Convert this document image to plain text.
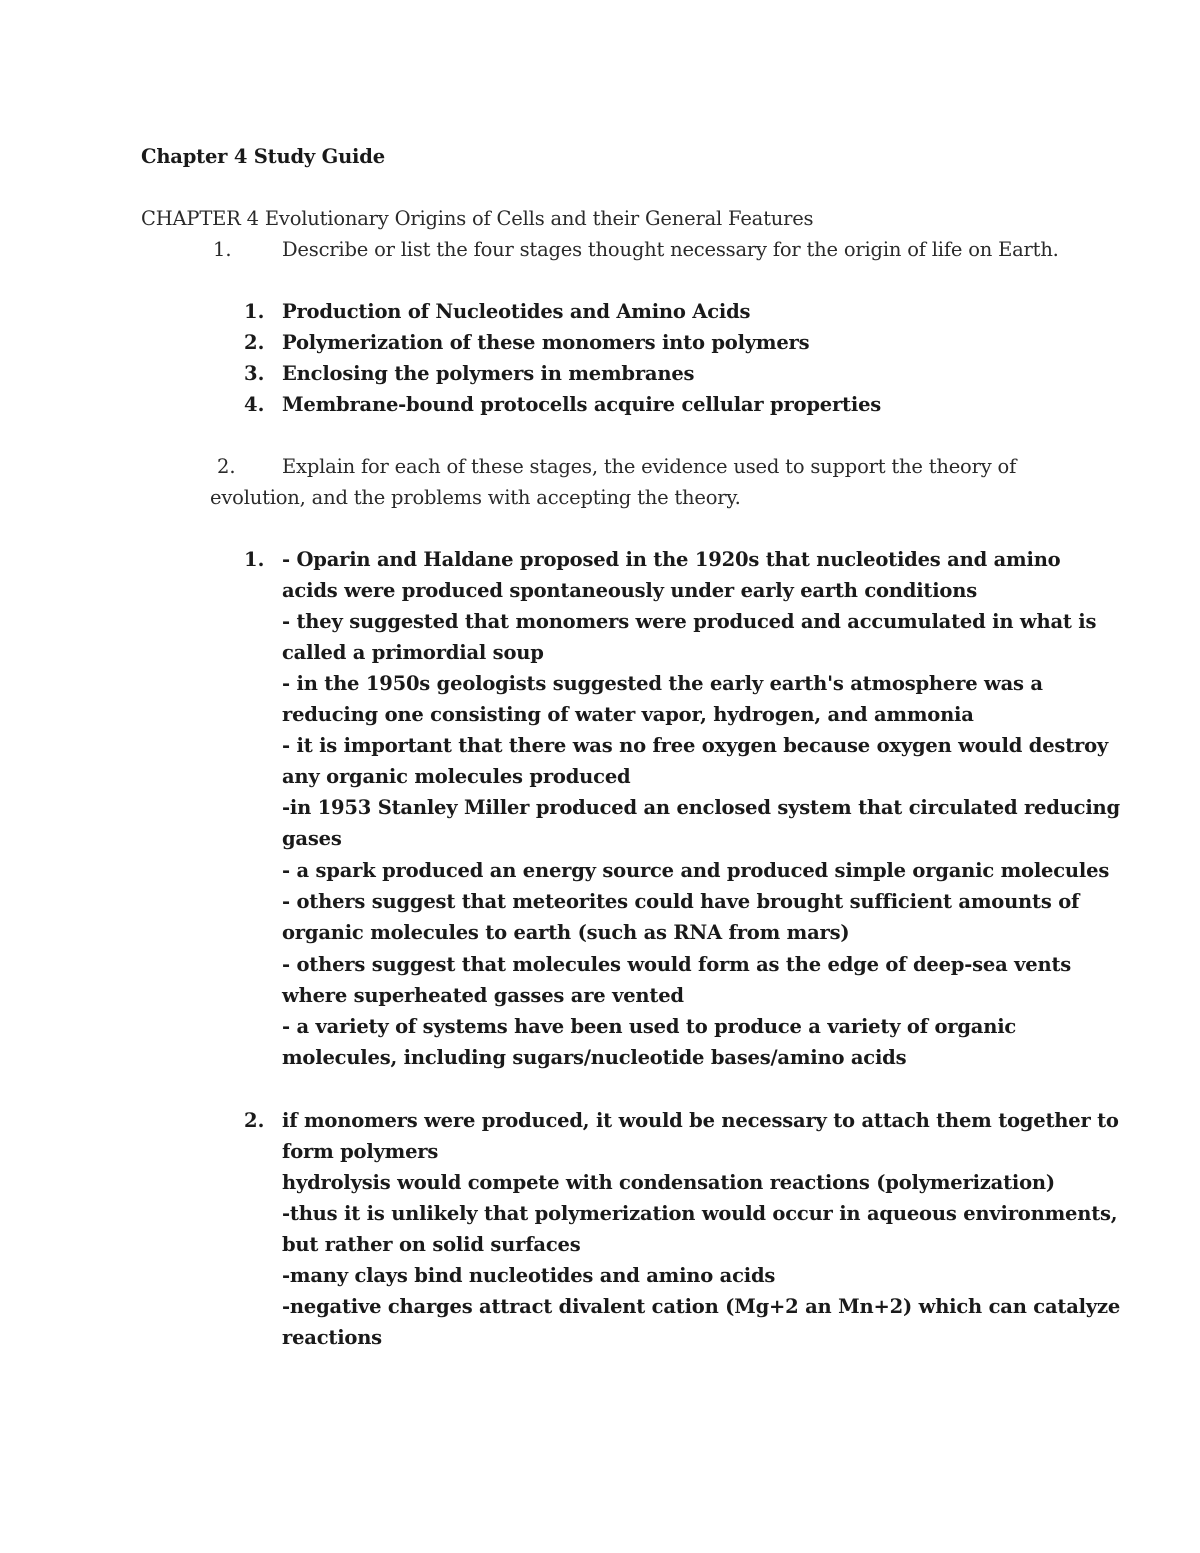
Chapter 4 Study Guide
CHAPTER 4 Evolutionary Origins of Cells and their General Features
1.	Describe or list the four stages thought necessary for the origin of life on Earth.
1. Production of Nucleotides and Amino Acids
2. Polymerization of these monomers into polymers
3. Enclosing the polymers in membranes
4. Membrane-bound protocells acquire cellular properties
2. Explain for each of these stages, the evidence used to support the theory of
evolution, and the problems with accepting the theory.
1. - Oparin and Haldane proposed in the 1920s that nucleotides and amino
acids were produced spontaneously under early earth conditions
- they suggested that monomers were produced and accumulated in what is
called a primordial soup
- in the 1950s geologists suggested the early earth's atmosphere was a
reducing one consisting of water vapor, hydrogen, and ammonia
- it is important that there was no free oxygen because oxygen would destroy
any organic molecules produced
-in 1953 Stanley Miller produced an enclosed system that circulated reducing
gases
- a spark produced an energy source and produced simple organic molecules
- others suggest that meteorites could have brought sufficient amounts of
organic molecules to earth (such as RNA from mars)
- others suggest that molecules would form as the edge of deep-sea vents
where superheated gasses are vented
- a variety of systems have been used to produce a variety of organic
molecules, including sugars/nucleotide bases/amino acids
2. if monomers were produced, it would be necessary to attach them together to
form polymers
hydrolysis would compete with condensation reactions (polymerization)
-thus it is unlikely that polymerization would occur in aqueous environments,
but rather on solid surfaces
-many clays bind nucleotides and amino acids
-negative charges attract divalent cation (Mg+2 an Mn+2) which can catalyze
reactions
